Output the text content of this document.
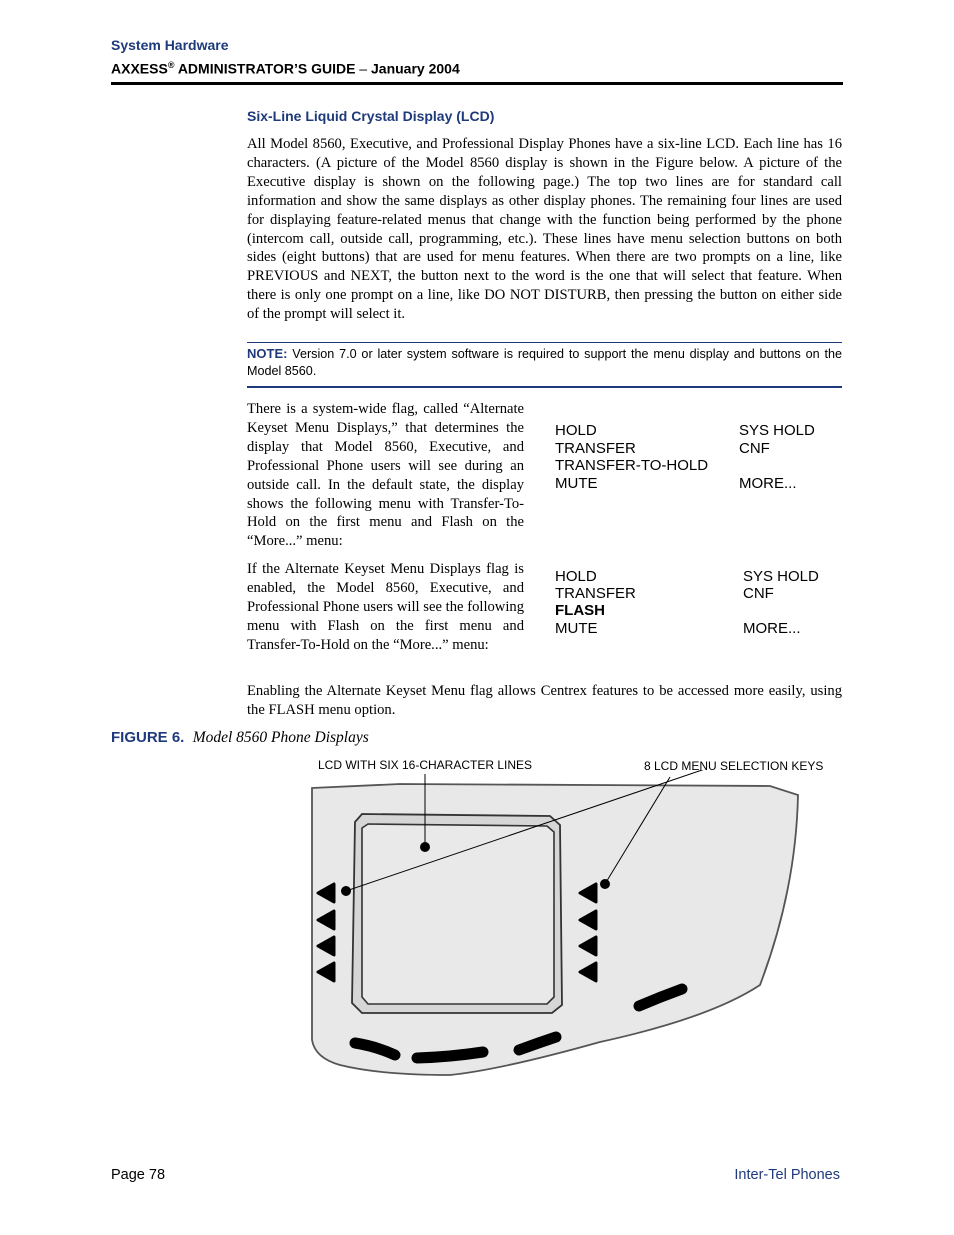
System Hardware
AXXESS® ADMINISTRATOR’S GUIDE – January 2004
Six-Line Liquid Crystal Display (LCD)
All Model 8560, Executive, and Professional Display Phones have a six-line LCD. Each line has 16 characters. (A picture of the Model 8560 display is shown in the Figure below. A picture of the Executive display is shown on the following page.) The top two lines are for standard call information and show the same displays as other display phones. The remaining four lines are used for displaying feature-related menus that change with the function being performed by the phone (intercom call, outside call, programming, etc.). These lines have menu selection buttons on both sides (eight buttons) that are used for menu features. When there are two prompts on a line, like PREVIOUS and NEXT, the button next to the word is the one that will select that feature. When there is only one prompt on a line, like DO NOT DISTURB, then pressing the button on either side of the prompt will select it.
NOTE: Version 7.0 or later system software is required to support the menu display and buttons on the Model 8560.
There is a system-wide flag, called “Alternate Keyset Menu Displays,” that determines the display that Model 8560, Executive, and Professional Phone users will see during an outside call. In the default state, the display shows the following menu with Transfer-To-Hold on the first menu and Flash on the “More...” menu:
HOLD	SYS HOLD
TRANSFER	CNF
TRANSFER-TO-HOLD
MUTE	MORE...
If the Alternate Keyset Menu Displays flag is enabled, the Model 8560, Executive, and Professional Phone users will see the following menu with Flash on the first menu and Transfer-To-Hold on the “More...” menu:
HOLD	SYS HOLD
TRANSFER	CNF
FLASH
MUTE	MORE...
Enabling the Alternate Keyset Menu flag allows Centrex features to be accessed more easily, using the FLASH menu option.
FIGURE 6. Model 8560 Phone Displays
LCD WITH SIX 16-CHARACTER LINES	8 LCD MENU SELECTION KEYS
Page 78	Inter-Tel Phones
